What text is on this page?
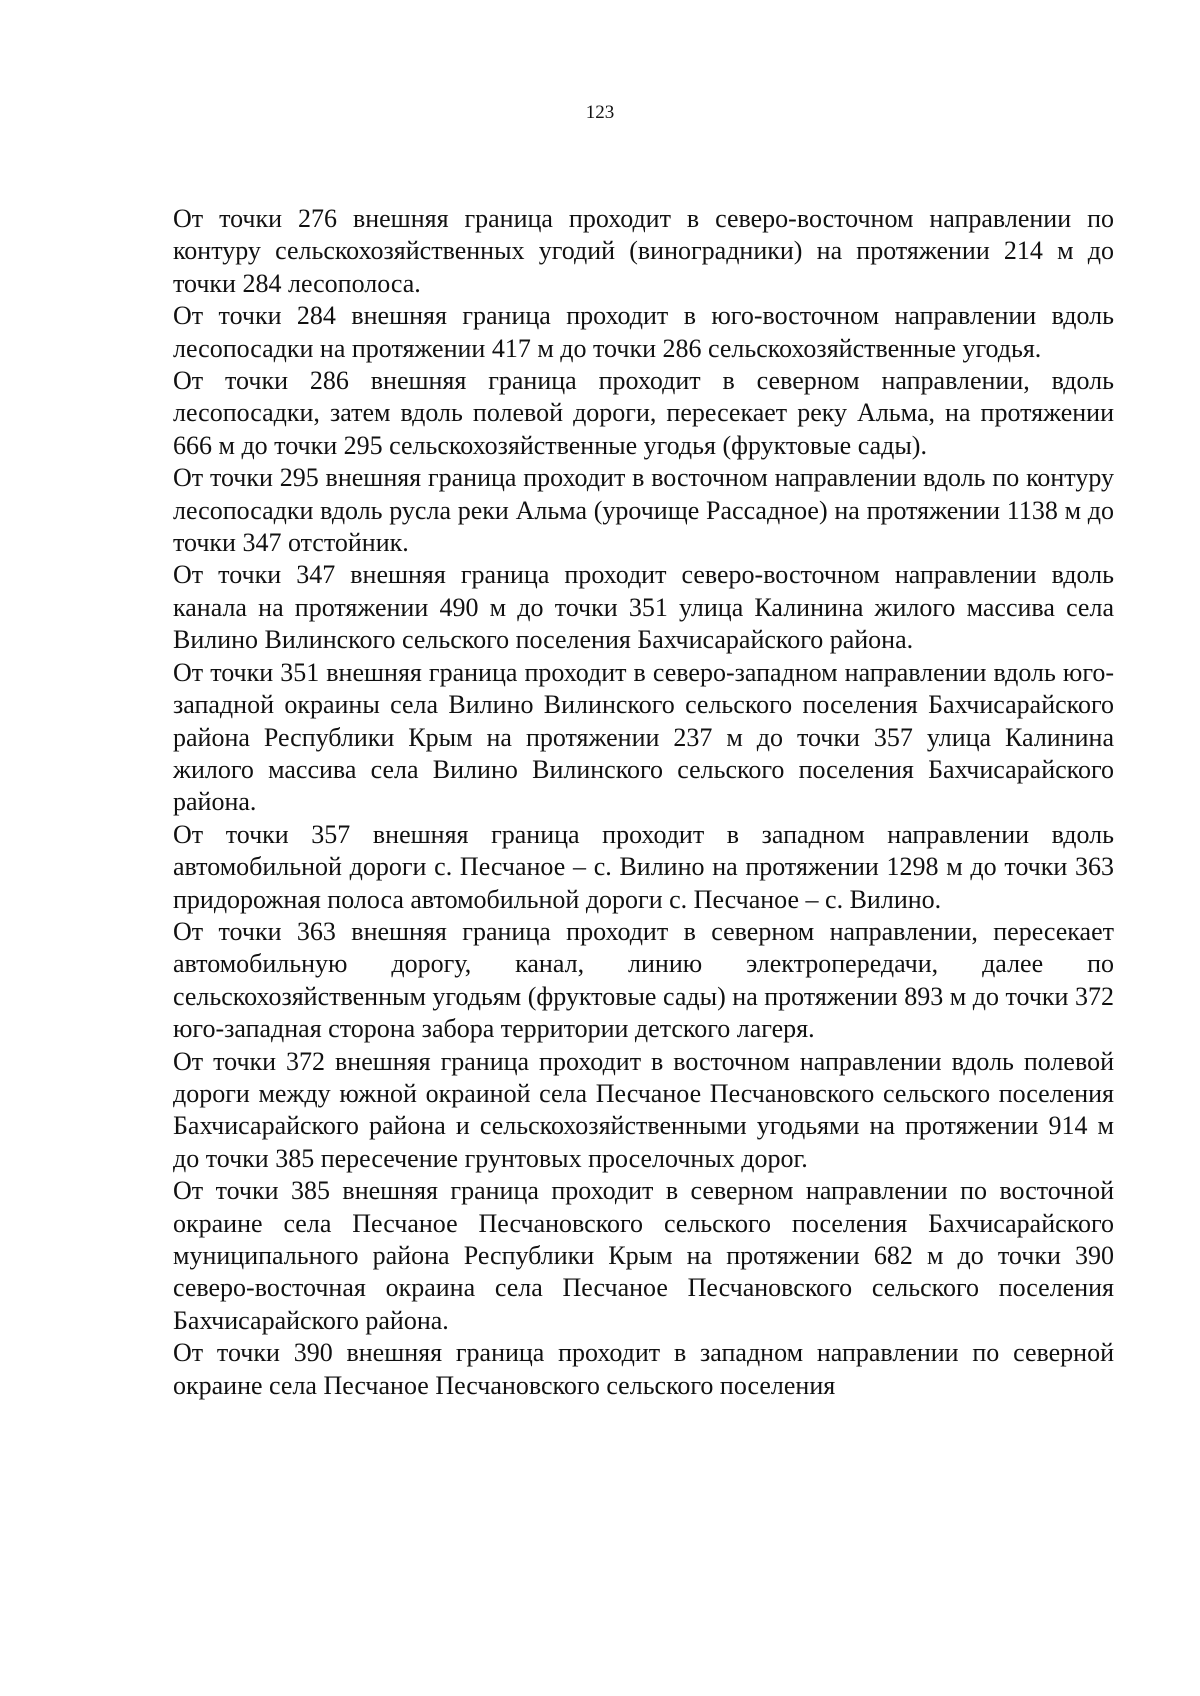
123

От точки 276 внешняя граница проходит в северо-восточном направлении по контуру сельскохозяйственных угодий (виноградники) на протяжении 214 м до точки 284 лесополоса.

От точки 284 внешняя граница проходит в юго-восточном направлении вдоль лесопосадки на протяжении 417 м до точки 286 сельскохозяйственные угодья.

От точки 286 внешняя граница проходит в северном направлении, вдоль лесопосадки, затем вдоль полевой дороги, пересекает реку Альма, на протяжении 666 м до точки 295 сельскохозяйственные угодья (фруктовые сады).

От точки 295 внешняя граница проходит в восточном направлении вдоль по контуру лесопосадки вдоль русла реки Альма (урочище Рассадное) на протяжении 1138 м до точки 347 отстойник.

От точки 347 внешняя граница проходит северо-восточном направлении вдоль канала на протяжении 490 м до точки 351 улица Калинина жилого массива села Вилино Вилинского сельского поселения Бахчисарайского района.

От точки 351 внешняя граница проходит в северо-западном направлении вдоль юго-западной окраины села Вилино Вилинского сельского поселения Бахчисарайского района Республики Крым на протяжении 237 м до точки 357 улица Калинина жилого массива села Вилино Вилинского сельского поселения Бахчисарайского района.

От точки 357 внешняя граница проходит в западном направлении вдоль автомобильной дороги с. Песчаное – с. Вилино на протяжении 1298 м до точки 363 придорожная полоса автомобильной дороги с. Песчаное – с. Вилино.

От точки 363 внешняя граница проходит в северном направлении, пересекает автомобильную дорогу, канал, линию электропередачи, далее по сельскохозяйственным угодьям (фруктовые сады) на протяжении 893 м до точки 372 юго-западная сторона забора территории детского лагеря.

От точки 372 внешняя граница проходит в восточном направлении вдоль полевой дороги между южной окраиной села Песчаное Песчановского сельского поселения Бахчисарайского района и сельскохозяйственными угодьями на протяжении 914 м до точки 385 пересечение грунтовых проселочных дорог.

От точки 385 внешняя граница проходит в северном направлении по восточной окраине села Песчаное Песчановского сельского поселения Бахчисарайского муниципального района Республики Крым на протяжении 682 м до точки 390 северо-восточная окраина села Песчаное Песчановского сельского поселения Бахчисарайского района.

От точки 390 внешняя граница проходит в западном направлении по северной окраине села Песчаное Песчановского сельского поселения
